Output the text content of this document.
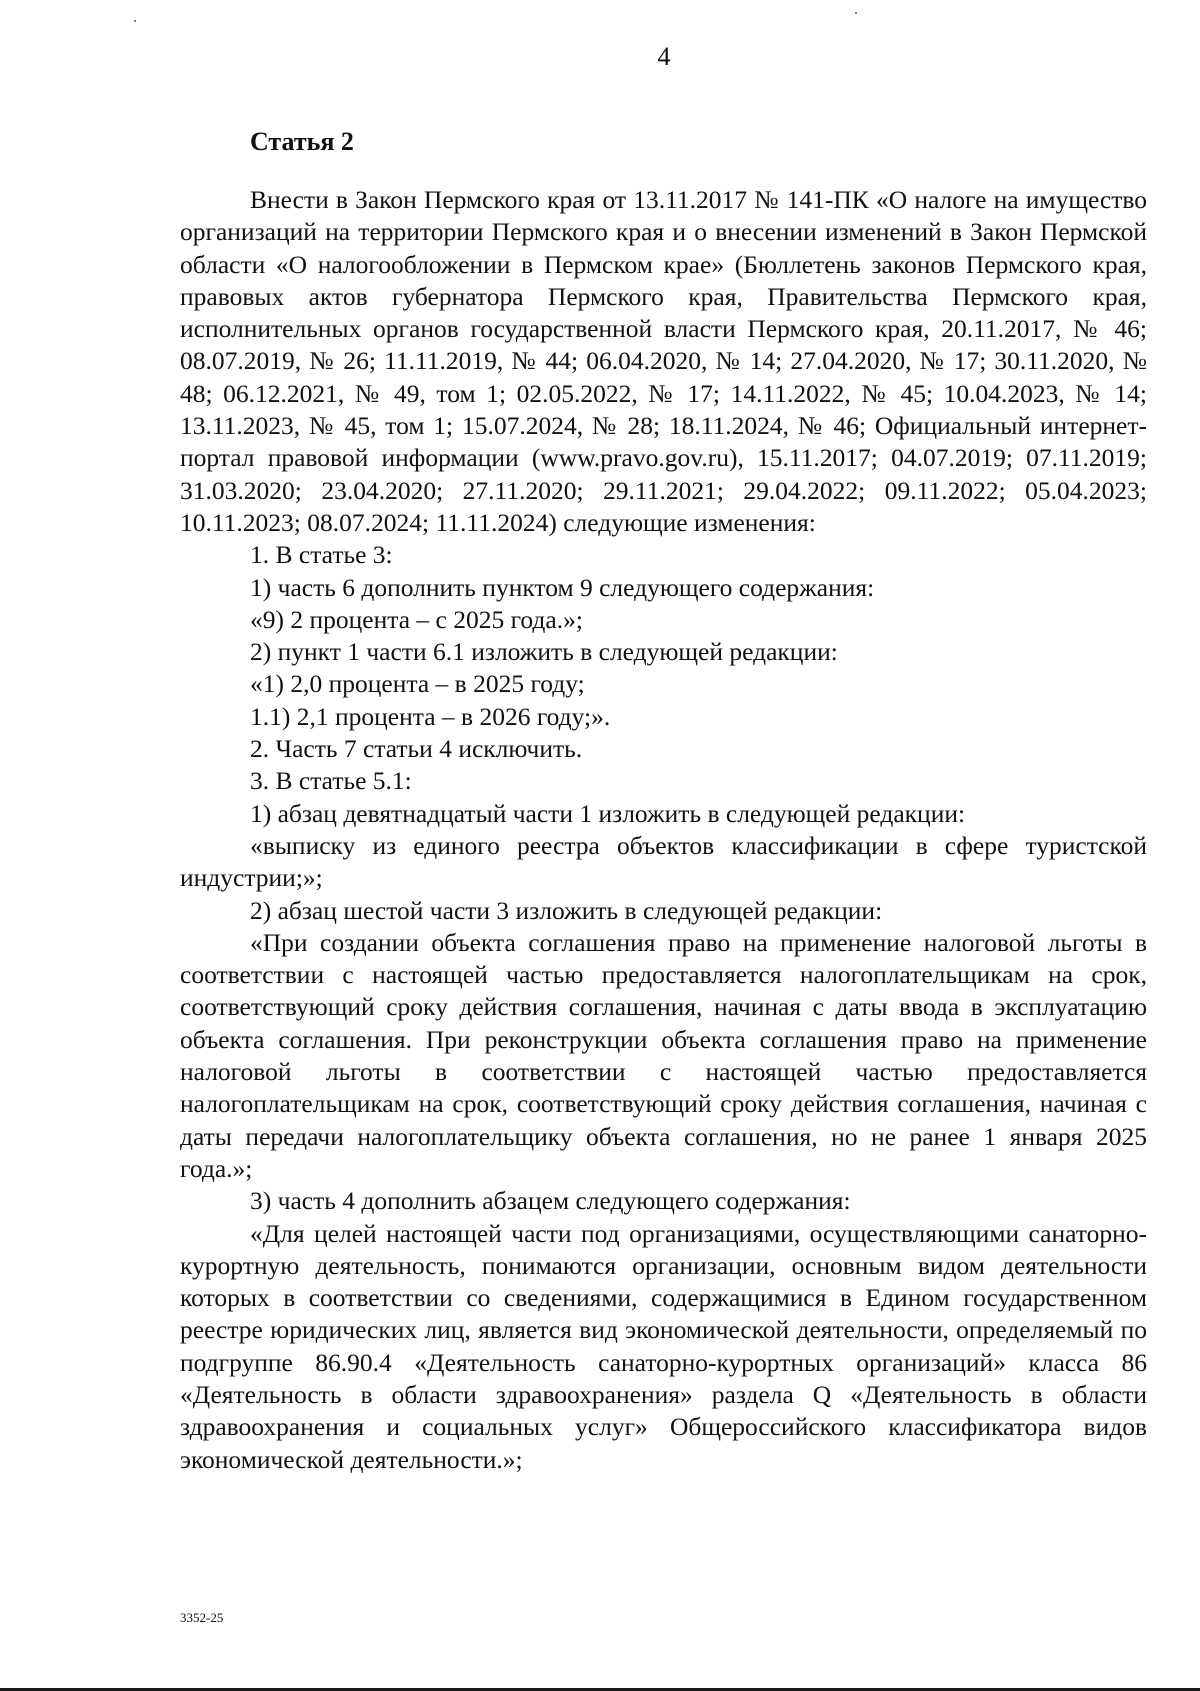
4
Статья 2

Внести в Закон Пермского края от 13.11.2017 № 141-ПК «О налоге на имущество организаций на территории Пермского края и о внесении изменений в Закон Пермской области «О налогообложении в Пермском крае» (Бюллетень законов Пермского края, правовых актов губернатора Пермского края, Правительства Пермского края, исполнительных органов государственной власти Пермского края, 20.11.2017, № 46; 08.07.2019, № 26; 11.11.2019, № 44; 06.04.2020, № 14; 27.04.2020, № 17; 30.11.2020, № 48; 06.12.2021, № 49, том 1; 02.05.2022, № 17; 14.11.2022, № 45; 10.04.2023, № 14; 13.11.2023, № 45, том 1; 15.07.2024, № 28; 18.11.2024, № 46; Официальный интернет-портал правовой информации (www.pravo.gov.ru), 15.11.2017; 04.07.2019; 07.11.2019; 31.03.2020; 23.04.2020; 27.11.2020; 29.11.2021; 29.04.2022; 09.11.2022; 05.04.2023; 10.11.2023; 08.07.2024; 11.11.2024) следующие изменения:

1. В статье 3:

1) часть 6 дополнить пунктом 9 следующего содержания:

«9) 2 процента – с 2025 года.»;

2) пункт 1 части 6.1 изложить в следующей редакции:

«1) 2,0 процента – в 2025 году;

1.1) 2,1 процента – в 2026 году;».

2. Часть 7 статьи 4 исключить.

3. В статье 5.1:

1) абзац девятнадцатый части 1 изложить в следующей редакции:

«выписку из единого реестра объектов классификации в сфере туристской индустрии;»;

2) абзац шестой части 3 изложить в следующей редакции:

«При создании объекта соглашения право на применение налоговой льготы в соответствии с настоящей частью предоставляется налогоплательщикам на срок, соответствующий сроку действия соглашения, начиная с даты ввода в эксплуатацию объекта соглашения. При реконструкции объекта соглашения право на применение налоговой льготы в соответствии с настоящей частью предоставляется налогоплательщикам на срок, соответствующий сроку действия соглашения, начиная с даты передачи налогоплательщику объекта соглашения, но не ранее 1 января 2025 года.»;

3) часть 4 дополнить абзацем следующего содержания:

«Для целей настоящей части под организациями, осуществляющими санаторно-курортную деятельность, понимаются организации, основным видом деятельности которых в соответствии со сведениями, содержащимися в Едином государственном реестре юридических лиц, является вид экономической деятельности, определяемый по подгруппе 86.90.4 «Деятельность санаторно-курортных организаций» класса 86 «Деятельность в области здравоохранения» раздела Q «Деятельность в области здравоохранения и социальных услуг» Общероссийского классификатора видов экономической деятельности.»;

3352-25
